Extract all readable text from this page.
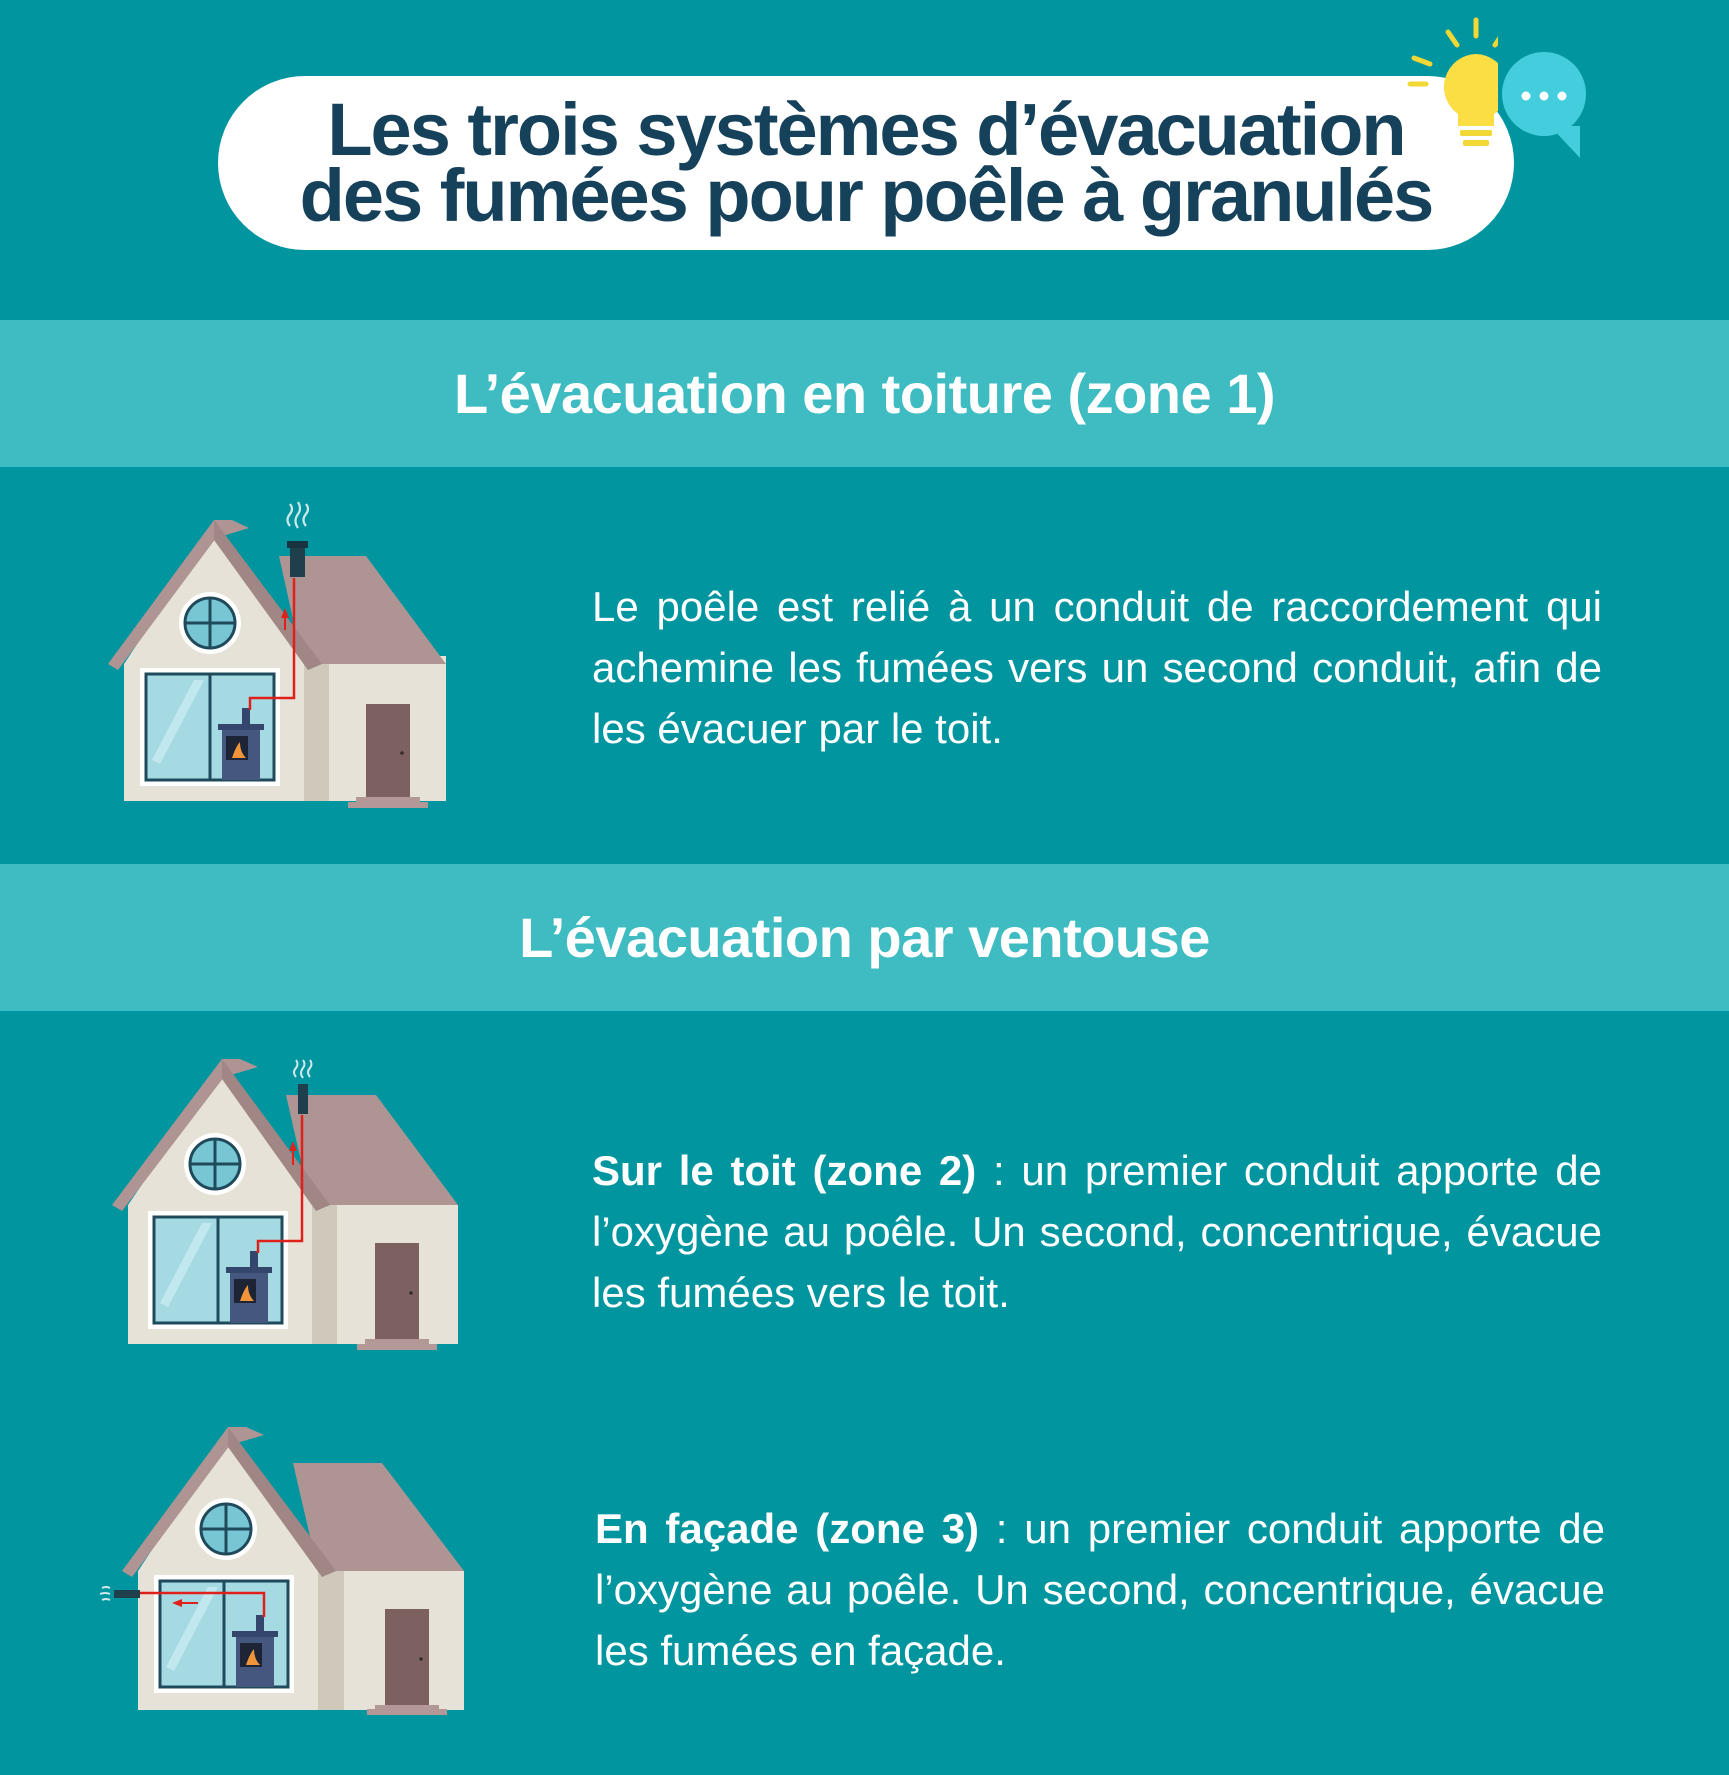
Les trois systèmes d’évacuation
des fumées pour poêle à granulés
L’évacuation en toiture (zone 1)
Le poêle est relié à un conduit de raccordement qui achemine les fumées vers un second conduit, afin de les évacuer par le toit.
L’évacuation par ventouse
Sur le toit (zone 2) : un premier conduit apporte de l’oxygène au poêle. Un second, concentrique, évacue les fumées vers le toit.
En façade (zone 3) : un premier conduit apporte de l’oxygène au poêle. Un second, concentrique, évacue les fumées en façade.
